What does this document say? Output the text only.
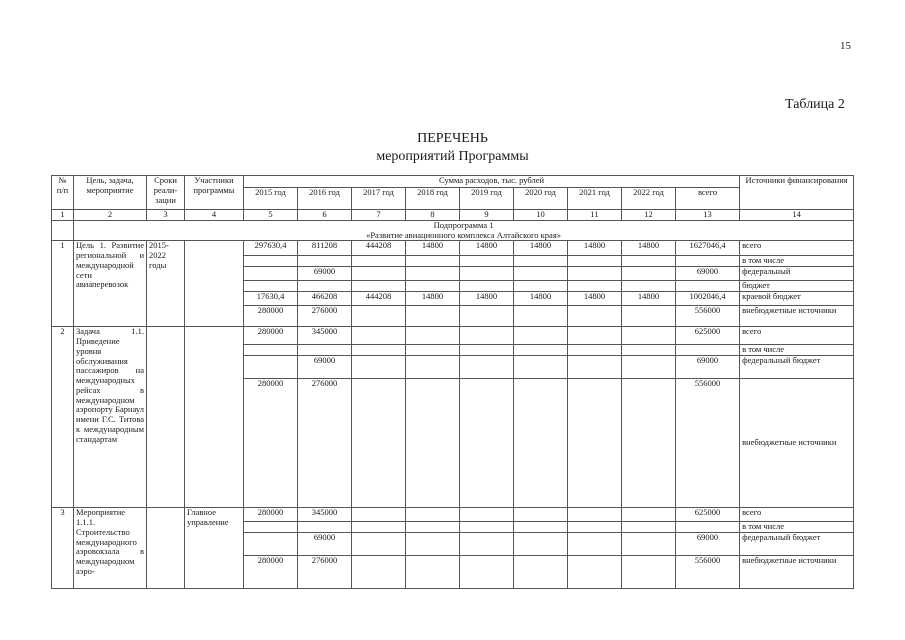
15
Таблица 2
ПЕРЕЧЕНЬ
мероприятий Программы
№ п/п	Цель, задача, мероприятие	Сроки реали-зации	Участники программы	Сумма расходов, тыс. рублей									Источники финансирования
				2015 год	2016 год	2017 год	2018 год	2019 год	2020 год	2021 год	2022 год	всего	
1	2	3	4	5	6	7	8	9	10	11	12	13	14

	Подпрограмма 1
«Развитие авиационного комплекса Алтайского края»												

1	Цель 1. Развитие региональной и международной сети авиаперевозок	2015-2022 годы		297630,4	811208	444208	14800	14800	14800	14800	14800	1627046,4	всего
													в том числе
					69000							69000	федеральный
													бюджет
				17630,4	466208	444208	14800	14800	14800	14800	14800	1002046,4	краевой бюджет
				280000	276000							556000	внебюджетные источники
2	Задача 1.1. Приведение уровня обслуживания пассажиров на международных рейсах в международном аэропорту Барнаул имени Г.С. Титова к международным стандартам			280000	345000							625000	всего
													в том числе
					69000							69000	федеральный бюджет
				280000	276000							556000	внебюджетные источники
3	Мероприятие 1.1.1. Строительство международного аэровокзала в международном аэро-		Главное управление	280000	345000							625000	всего
													в том числе
					69000							69000	федеральный бюджет
				280000	276000							556000	внебюджетные источники
